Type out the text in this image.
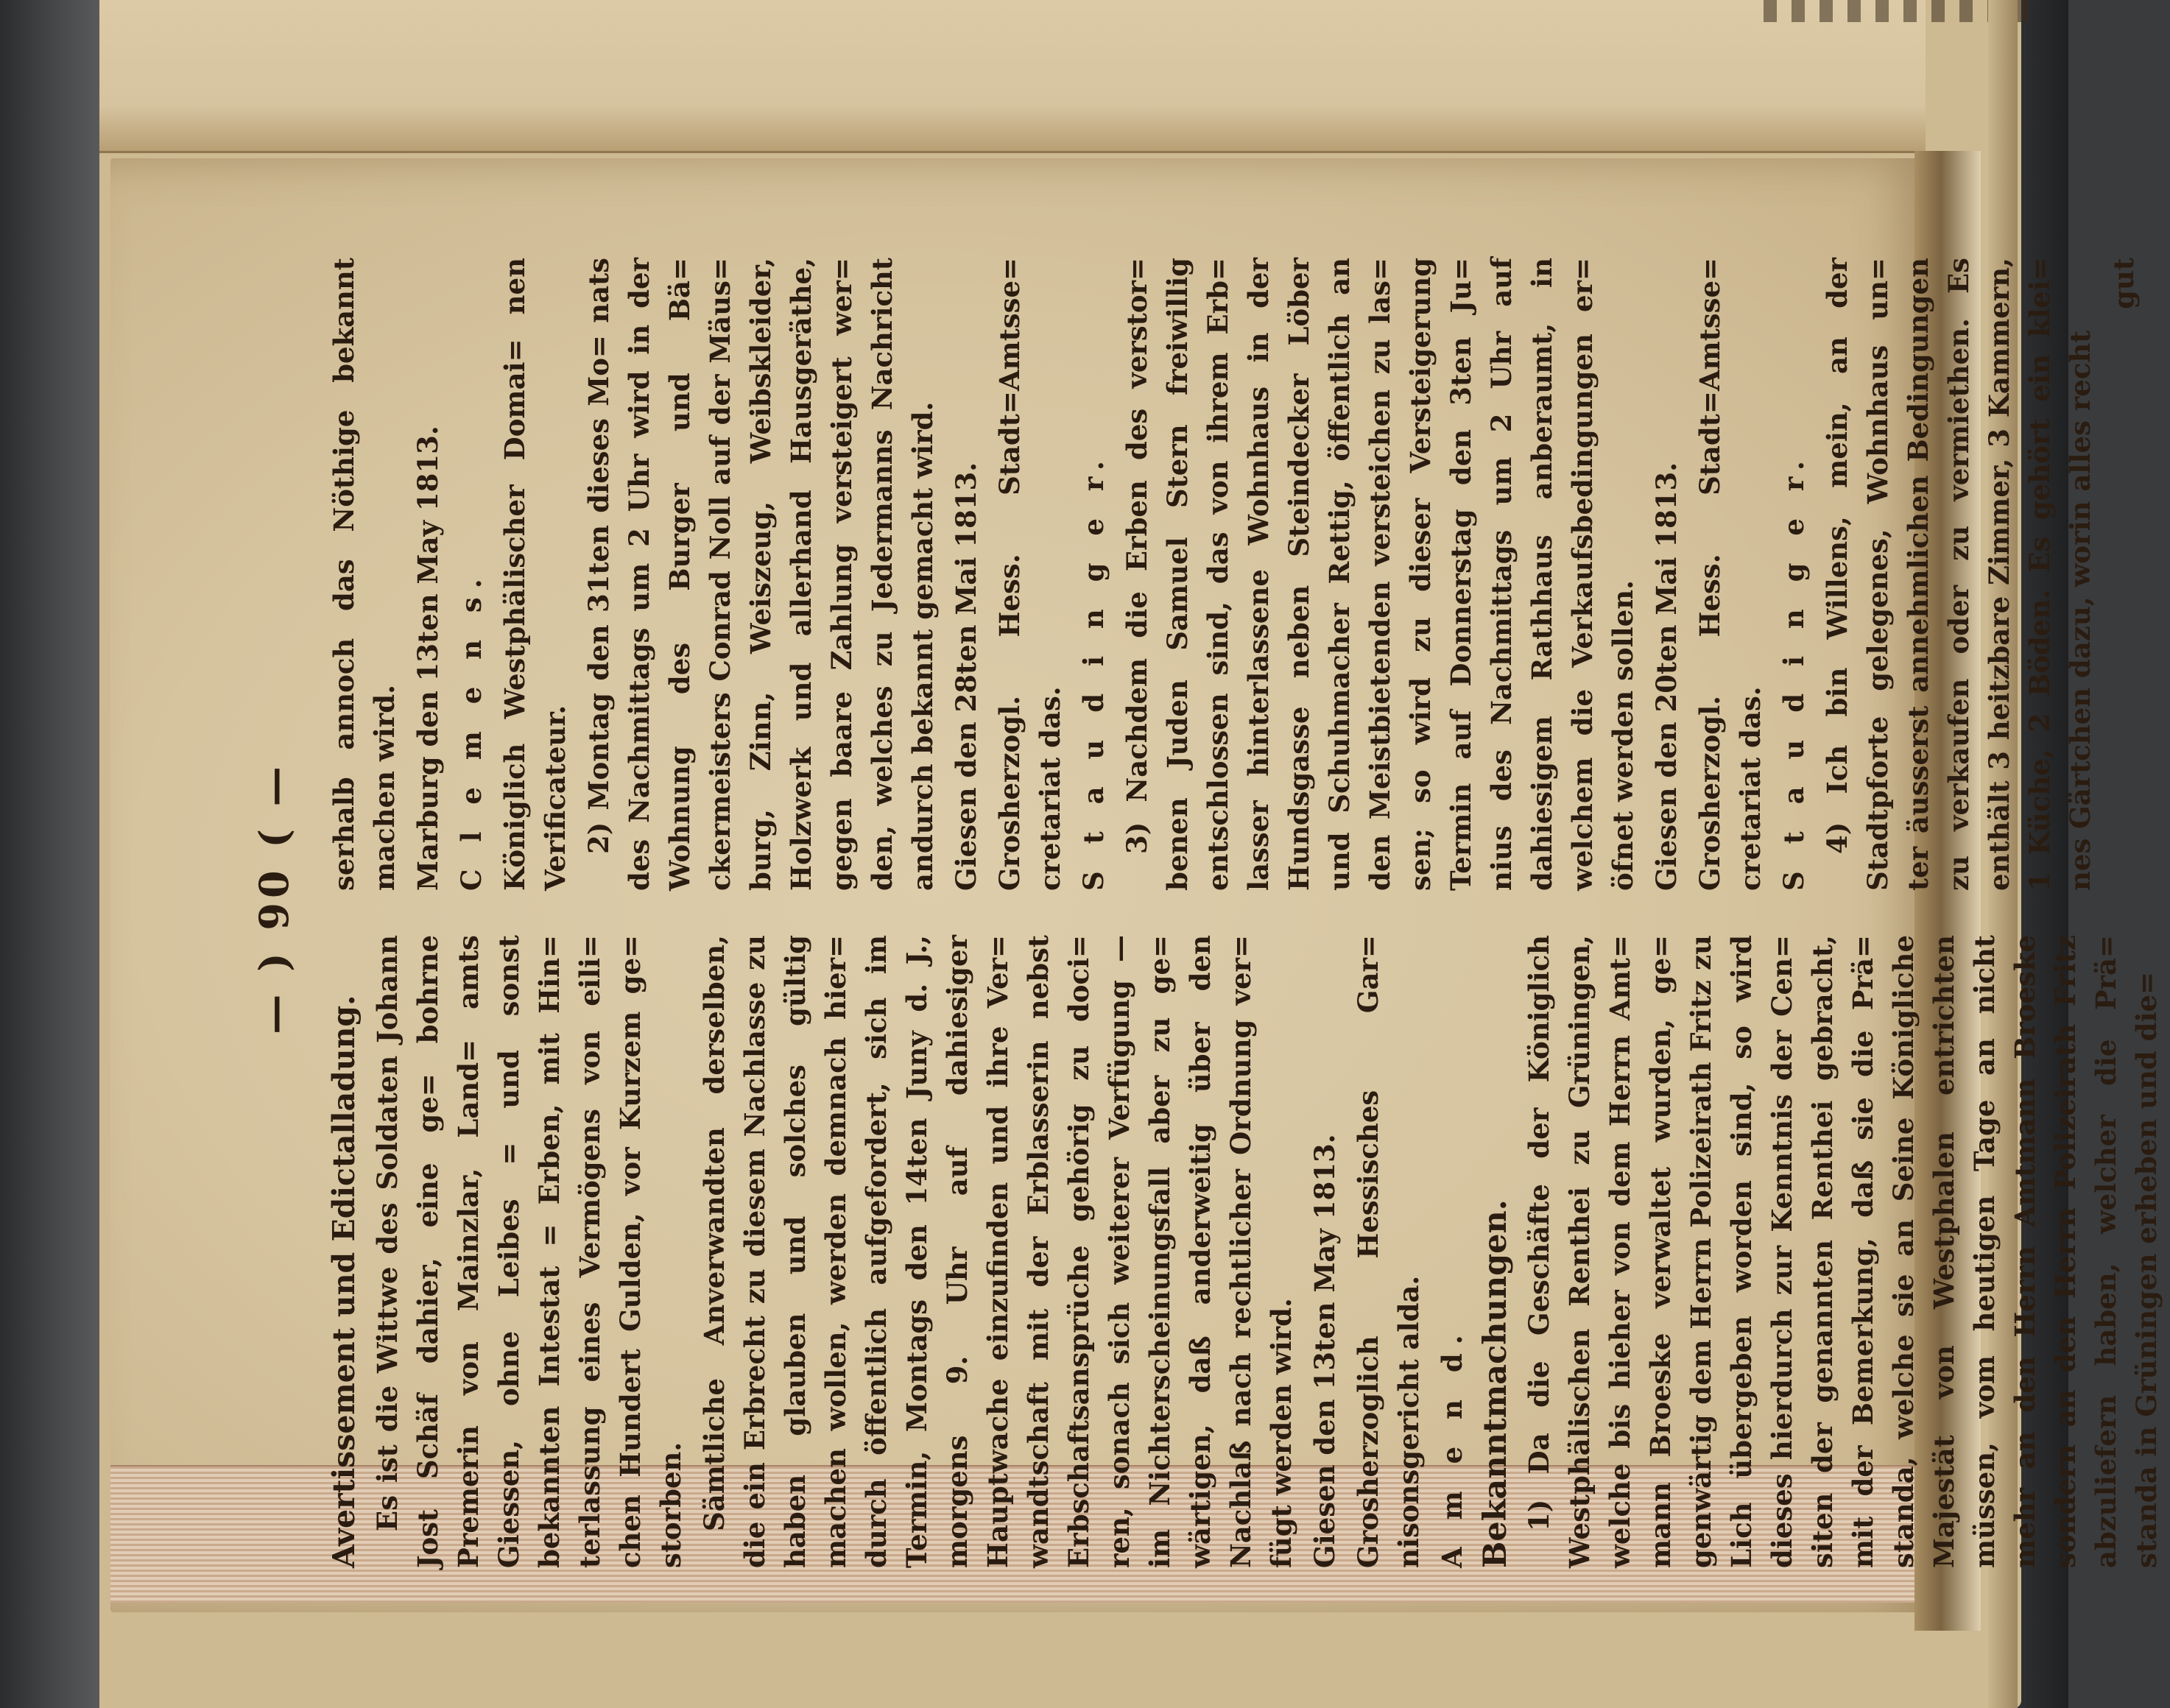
— ) 90 ( —

Avertissement und Edictalladung. Es ist die Wittwe des Soldaten Johann Jost Schäf dahier, eine ge= bohrne Premerin von Mainzlar, Land= amts Giessen, ohne Leibes = und sonst bekannten Intestat = Erben, mit Hin= terlassung eines Vermögens von eili= chen Hundert Gulden, vor Kurzem ge= storben. Sämtliche Anverwandten derselben, die ein Erbrecht zu diesem Nachlasse zu haben glauben und solches gültig machen wollen, werden demnach hier= durch öffentlich aufgefordert, sich im Termin, Montags den 14ten Juny d. J., morgens 9. Uhr auf dahiesiger Hauptwache einzufinden und ihre Ver= wandtschaft mit der Erblasserin nebst Erbschaftsansprüche gehörig zu doci= ren, sonach sich weiterer Verfügung — im Nichterscheinungsfall aber zu ge= wärtigen, daß anderweitig über den Nachlaß nach rechtlicher Ordnung ver= fügt werden wird. Giesen den 13ten May 1813. Grosherzoglich Hessisches Gar= nisonsgericht alda. A m e n d. Bekanntmachungen. 1) Da die Geschäfte der Königlich Westphälischen Renthei zu Grüningen, welche bis hieher von dem Herrn Amt= mann Broeske verwaltet wurden, ge= genwärtig dem Herrn Polizeirath Fritz zu Lich übergeben worden sind, so wird dieses hierdurch zur Kenntnis der Cen= siten der genannten Renthei gebracht, mit der Bemerkung, daß sie die Prä= standa, welche sie an Seine Königliche Majestät von Westphalen entrichten müssen, vom heutigen Tage an nicht mehr an den Herrn Amtmann Broeske sondern an den Herrn Polizeirath Fritz abzuliefern haben, welcher die Prä= standa in Grüningen erheben und die=

serhalb annoch das Nöthige bekannt machen wird. Marburg den 13ten May 1813. C l e m e n s. Königlich Westphälischer Domai= nen Verificateur. 2) Montag den 31ten dieses Mo= nats des Nachmittags um 2 Uhr wird in der Wohnung des Burger und Bä= ckermeisters Conrad Noll auf der Mäus= burg, Zinn, Weiszeug, Weibskleider, Holzwerk und allerhand Hausgeräthe, gegen baare Zahlung versteigert wer= den, welches zu Jedermanns Nachricht andurch bekannt gemacht wird. Giesen den 28ten Mai 1813. Grosherzogl. Hess. Stadt=Amtsse= cretariat das. S t a u d i n g e r. 3) Nachdem die Erben des verstor= benen Juden Samuel Stern freiwillig entschlossen sind, das von ihrem Erb= lasser hinterlassene Wohnhaus in der Hundsgasse neben Steindecker Löber und Schuhmacher Rettig, öffentlich an den Meistbietenden versteichen zu las= sen; so wird zu dieser Versteigerung Termin auf Donnerstag den 3ten Ju= nius des Nachmittags um 2 Uhr auf dahiesigem Rathhaus anberaumt, in welchem die Verkaufsbedingungen er= öfnet werden sollen. Giesen den 20ten Mai 1813. Grosherzogl. Hess. Stadt=Amtsse= cretariat das. S t a u d i n g e r. 4) Ich bin Willens, mein, an der Stadtpforte gelegenes, Wohnhaus un= ter äusserst annehmlichen Bedingungen zu verkaufen oder zu vermiethen. Es enthält 3 heitzbare Zimmer, 3 Kammern, 1 Küche, 2 Böden. Es gehört ein klei= nes Gärtchen dazu, worin alles recht

gut
